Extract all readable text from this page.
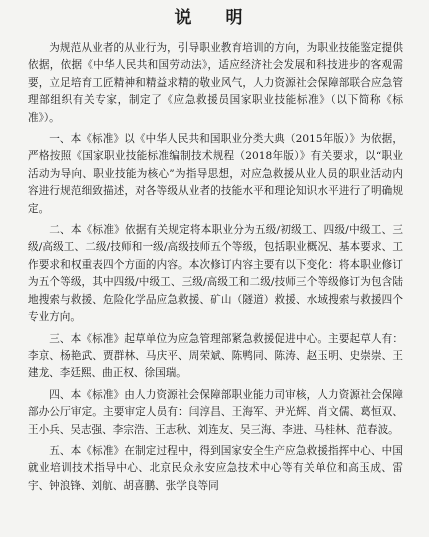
说 明

为规范从业者的从业行为，引导职业教育培训的方向，为职业技能鉴定提供依据，依据《中华人民共和国劳动法》，适应经济社会发展和科技进步的客观需要，立足培育工匠精神和精益求精的敬业风气，人力资源社会保障部联合应急管理部组织有关专家，制定了《应急救援员国家职业技能标准》（以下简称《标准》）。

一、本《标准》以《中华人民共和国职业分类大典（2015年版）》为依据，严格按照《国家职业技能标准编制技术规程（2018年版）》有关要求，以“职业活动为导向、职业技能为核心”为指导思想，对应急救援从业人员的职业活动内容进行规范细致描述，对各等级从业者的技能水平和理论知识水平进行了明确规定。

二、本《标准》依据有关规定将本职业分为五级/初级工、四级/中级工、三级/高级工、二级/技师和一级/高级技师五个等级，包括职业概况、基本要求、工作要求和权重表四个方面的内容。本次修订内容主要有以下变化：将本职业修订为五个等级，其中四级/中级工、三级/高级工和二级/技师三个等级修订为包含陆地搜索与救援、危险化学品应急救援、矿山（隧道）救援、水域搜索与救援四个专业方向。

三、本《标准》起草单位为应急管理部紧急救援促进中心。主要起草人有：李京、杨艳武、贾群林、马庆平、周荣斌、陈鸭同、陈涛、赵玉明、史崇崇、王建龙、李廷熙、曲正权、徐国瑞。

四、本《标准》由人力资源社会保障部职业能力司审核，人力资源社会保障部办公厅审定。主要审定人员有：闫淳昌、王海军、尹光辉、肖文儒、葛恒双、王小兵、吴志强、李宗浩、王志秋、刘连友、吴三海、李进、马桂林、范春波。

五、本《标准》在制定过程中，得到国家安全生产应急救援指挥中心、中国就业培训技术指导中心、北京民众永安应急技术中心等有关单位和高玉成、雷宇、钟浪锋、刘航、胡喜鹏、张学良等同
